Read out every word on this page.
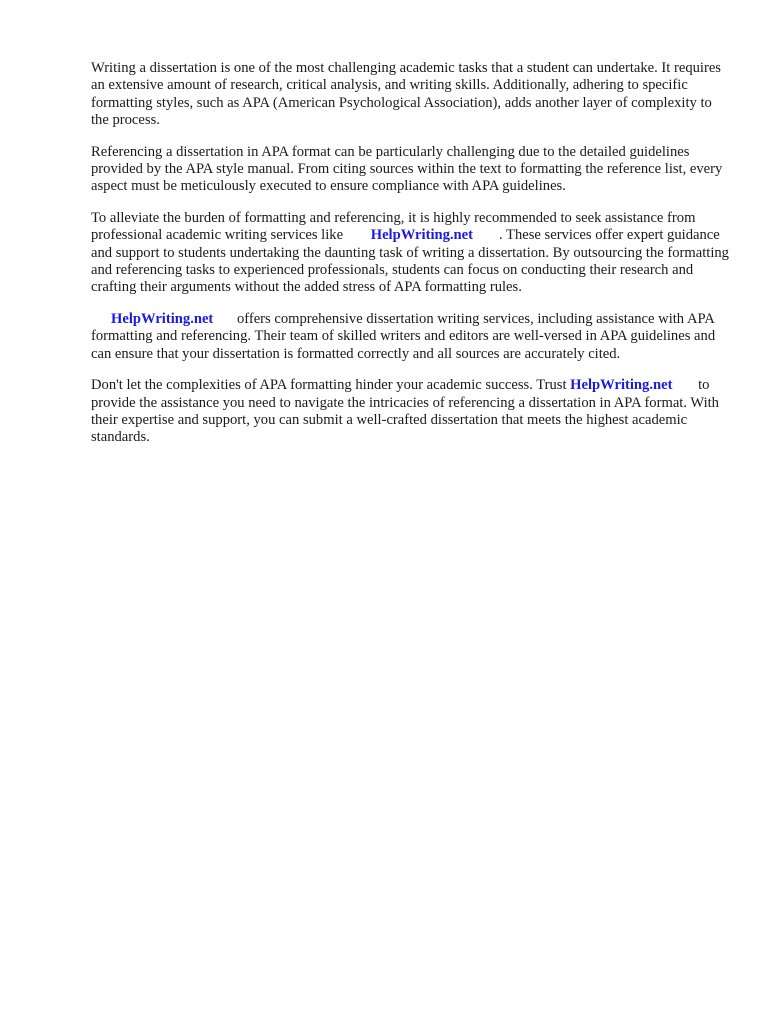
Writing a dissertation is one of the most challenging academic tasks that a student can undertake. It requires an extensive amount of research, critical analysis, and writing skills. Additionally, adhering to specific formatting styles, such as APA (American Psychological Association), adds another layer of complexity to the process.

Referencing a dissertation in APA format can be particularly challenging due to the detailed guidelines provided by the APA style manual. From citing sources within the text to formatting the reference list, every aspect must be meticulously executed to ensure compliance with APA guidelines.

To alleviate the burden of formatting and referencing, it is highly recommended to seek assistance from professional academic writing services like HelpWriting.net . These services offer expert guidance and support to students undertaking the daunting task of writing a dissertation. By outsourcing the formatting and referencing tasks to experienced professionals, students can focus on conducting their research and crafting their arguments without the added stress of APA formatting rules.

HelpWriting.net offers comprehensive dissertation writing services, including assistance with APA formatting and referencing. Their team of skilled writers and editors are well-versed in APA guidelines and can ensure that your dissertation is formatted correctly and all sources are accurately cited.

Don't let the complexities of APA formatting hinder your academic success. Trust HelpWriting.net to provide the assistance you need to navigate the intricacies of referencing a dissertation in APA format. With their expertise and support, you can submit a well-crafted dissertation that meets the highest academic standards.
